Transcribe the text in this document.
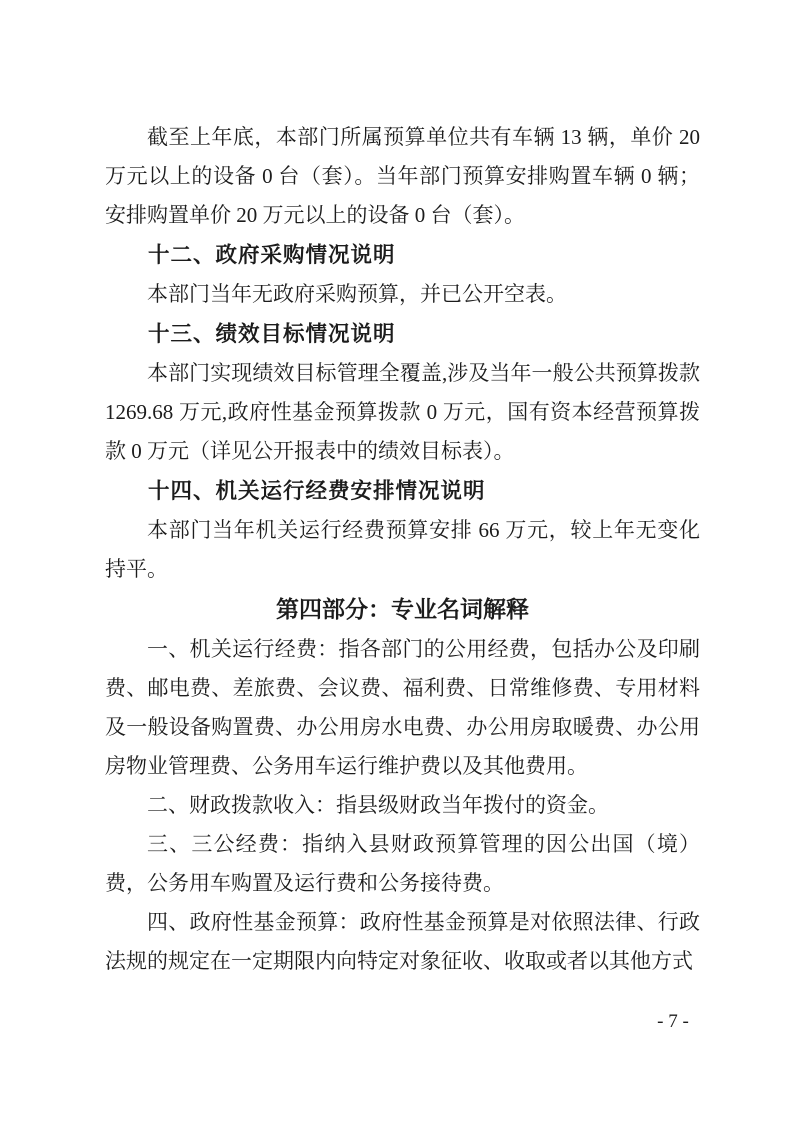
截至上年底，本部门所属预算单位共有车辆 13 辆，单价 20 万元以上的设备 0 台（套）。当年部门预算安排购置车辆 0 辆；安排购置单价 20 万元以上的设备 0 台（套）。

十二、政府采购情况说明

本部门当年无政府采购预算，并已公开空表。

十三、绩效目标情况说明

本部门实现绩效目标管理全覆盖,涉及当年一般公共预算拨款 1269.68 万元,政府性基金预算拨款 0 万元，国有资本经营预算拨款 0 万元（详见公开报表中的绩效目标表）。

十四、机关运行经费安排情况说明

本部门当年机关运行经费预算安排 66 万元，较上年无变化持平。

第四部分：专业名词解释

一、机关运行经费：指各部门的公用经费，包括办公及印刷费、邮电费、差旅费、会议费、福利费、日常维修费、专用材料及一般设备购置费、办公用房水电费、办公用房取暖费、办公用房物业管理费、公务用车运行维护费以及其他费用。

二、财政拨款收入：指县级财政当年拨付的资金。

三、三公经费：指纳入县财政预算管理的因公出国（境）费，公务用车购置及运行费和公务接待费。

四、政府性基金预算：政府性基金预算是对依照法律、行政法规的规定在一定期限内向特定对象征收、收取或者以其他方式

- 7 -
